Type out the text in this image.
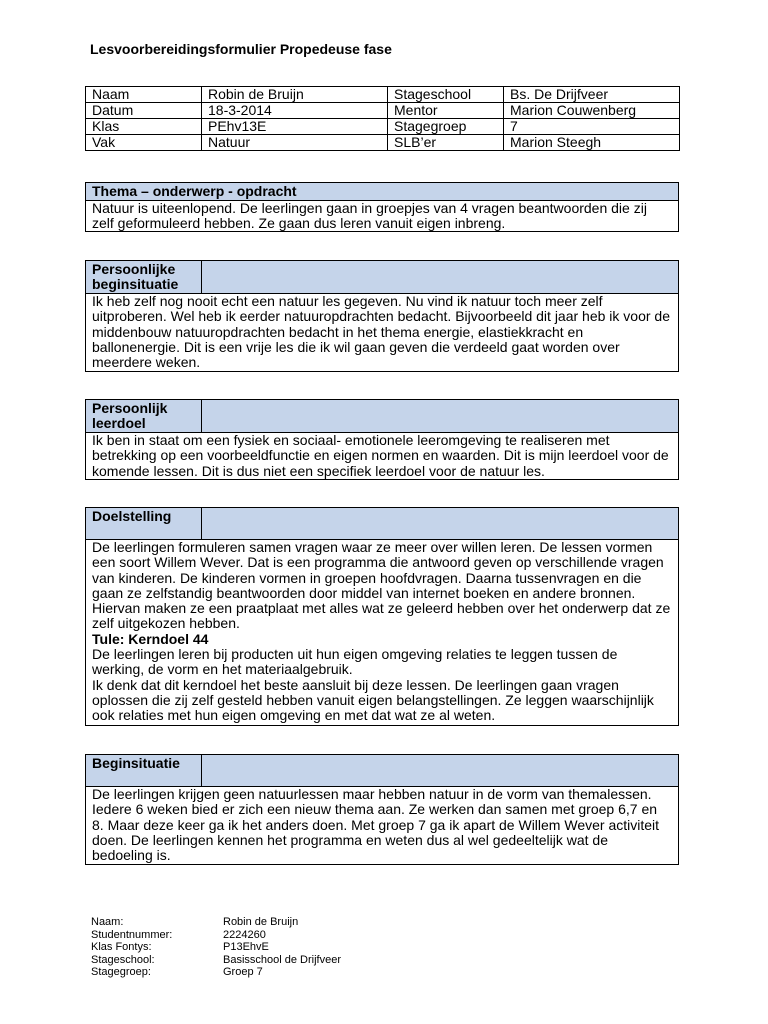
Lesvoorbereidingsformulier Propedeuse fase
Naam	Robin de Bruijn	Stageschool	Bs. De Drijfveer
Datum	18-3-2014	Mentor	Marion Couwenberg
Klas	PEhv13E	Stagegroep	7
Vak	Natuur	SLB’er	Marion Steegh
Thema – onderwerp - opdracht

Natuur is uiteenlopend. De leerlingen gaan in groepjes van 4 vragen beantwoorden die zij zelf geformuleerd hebben. Ze gaan dus leren vanuit eigen inbreng.

Persoonlijke beginsituatie

Ik heb zelf nog nooit echt een natuur les gegeven. Nu vind ik natuur toch meer zelf uitproberen. Wel heb ik eerder natuuropdrachten bedacht. Bijvoorbeeld dit jaar heb ik voor de middenbouw natuuropdrachten bedacht in het thema energie, elastiekkracht en ballonenergie. Dit is een vrije les die ik wil gaan geven die verdeeld gaat worden over meerdere weken.

Persoonlijk leerdoel

Ik ben in staat om een fysiek en sociaal- emotionele leeromgeving te realiseren met betrekking op een voorbeeldfunctie en eigen normen en waarden. Dit is mijn leerdoel voor de komende lessen. Dit is dus niet een specifiek leerdoel voor de natuur les.

Doelstelling

De leerlingen formuleren samen vragen waar ze meer over willen leren. De lessen vormen een soort Willem Wever. Dat is een programma die antwoord geven op verschillende vragen van kinderen. De kinderen vormen in groepen hoofdvragen. Daarna tussenvragen en die gaan ze zelfstandig beantwoorden door middel van internet boeken en andere bronnen. Hiervan maken ze een praatplaat met alles wat ze geleerd hebben over het onderwerp dat ze zelf uitgekozen hebben.

Tule: Kerndoel 44

De leerlingen leren bij producten uit hun eigen omgeving relaties te leggen tussen de werking, de vorm en het materiaalgebruik.

Ik denk dat dit kerndoel het beste aansluit bij deze lessen. De leerlingen gaan vragen oplossen die zij zelf gesteld hebben vanuit eigen belangstellingen. Ze leggen waarschijnlijk ook relaties met hun eigen omgeving en met dat wat ze al weten.

Beginsituatie

De leerlingen krijgen geen natuurlessen maar hebben natuur in de vorm van themalessen. Iedere 6 weken bied er zich een nieuw thema aan. Ze werken dan samen met groep 6,7 en 8. Maar deze keer ga ik het anders doen. Met groep 7 ga ik apart de Willem Wever activiteit doen. De leerlingen kennen het programma en weten dus al wel gedeeltelijk wat de bedoeling is.

Naam:	Robin de Bruijn
Studentnummer:	2224260
Klas Fontys:	P13EhvE
Stageschool:	Basisschool de Drijfveer
Stagegroep:	Groep 7
